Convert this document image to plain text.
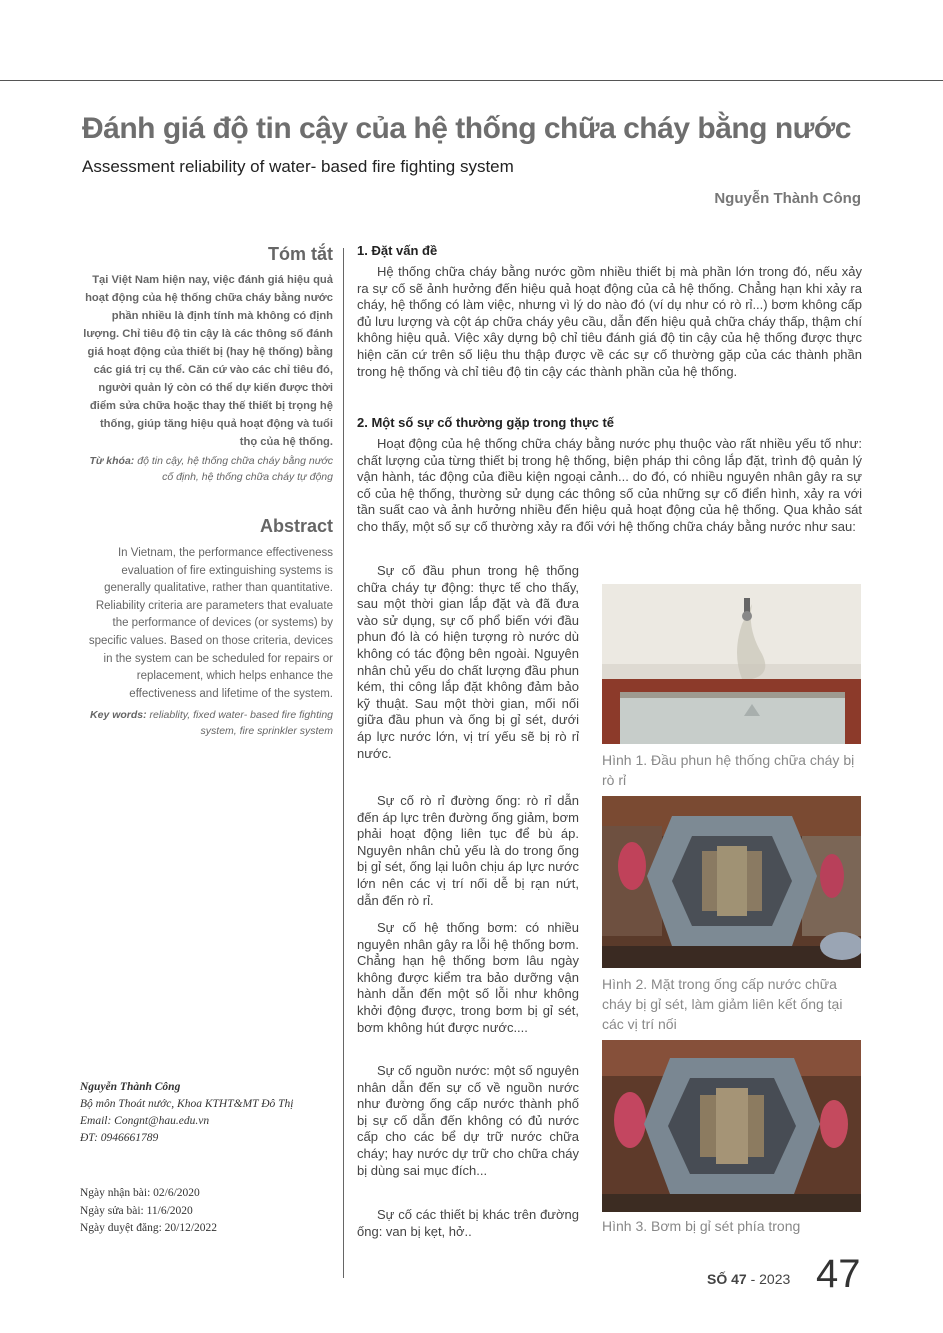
Đánh giá độ tin cậy của hệ thống chữa cháy bằng nước
Assessment reliability of water- based fire fighting system
Nguyễn Thành Công
Tóm tắt
Tại Việt Nam hiện nay, việc đánh giá hiệu quả hoạt động của hệ thống chữa cháy bằng nước phần nhiều là định tính mà không có định lượng. Chỉ tiêu độ tin cậy là các thông số đánh giá hoạt động của thiết bị (hay hệ thống) bằng các giá trị cụ thể. Căn cứ vào các chỉ tiêu đó, người quản lý còn có thể dự kiến được thời điểm sửa chữa hoặc thay thế thiết bị trọng hệ thống, giúp tăng hiệu quả hoạt động và tuổi thọ của hệ thống.
Từ khóa: độ tin cậy, hệ thống chữa cháy bằng nước cố định, hệ thống chữa cháy tự động
Abstract
In Vietnam, the performance effectiveness evaluation of fire extinguishing systems is generally qualitative, rather than quantitative. Reliability criteria are parameters that evaluate the performance of devices (or systems) by specific values. Based on those criteria, devices in the system can be scheduled for repairs or replacement, which helps enhance the effectiveness and lifetime of the system.
Key words: reliablity, fixed water- based fire fighting system, fire sprinkler system
Nguyễn Thành Công
Bộ môn Thoát nước, Khoa KTHT&MT Đô Thị
Email: Congnt@hau.edu.vn
ĐT: 0946661789
Ngày nhận bài: 02/6/2020
Ngày sửa bài: 11/6/2020
Ngày duyệt đăng: 20/12/2022
1. Đặt vấn đề
Hệ thống chữa cháy bằng nước gồm nhiều thiết bị mà phần lớn trong đó, nếu xảy ra sự cố sẽ ảnh hưởng đến hiệu quả hoạt động của cả hệ thống. Chẳng hạn khi xảy ra cháy, hệ thống có làm việc, nhưng vì lý do nào đó (ví dụ như có rò rỉ...) bơm không cấp đủ lưu lượng và cột áp chữa cháy yêu cầu, dẫn đến hiệu quả chữa cháy thấp, thậm chí không hiệu quả. Việc xây dựng bộ chỉ tiêu đánh giá độ tin cậy của hệ thống được thực hiện căn cứ trên số liệu thu thập được về các sự cố thường gặp của các thành phần trong hệ thống và chỉ tiêu độ tin cậy các thành phần của hệ thống.
2. Một số sự cố thường gặp trong thực tế
Hoạt động của hệ thống chữa cháy bằng nước phụ thuộc vào rất nhiều yếu tố như: chất lượng của từng thiết bị trong hệ thống, biện pháp thi công lắp đặt, trình độ quản lý vận hành, tác động của điều kiện ngoại cảnh... do đó, có nhiều nguyên nhân gây ra sự cố của hệ thống, thường sử dụng các thông số của những sự cố điển hình, xảy ra với tần suất cao và ảnh hưởng nhiều đến hiệu quả hoạt động của hệ thống. Qua khảo sát cho thấy, một số sự cố thường xảy ra đối với hệ thống chữa cháy bằng nước như sau:
Sự cố đầu phun trong hệ thống chữa cháy tự động: thực tế cho thấy, sau một thời gian lắp đặt và đã đưa vào sử dụng, sự cố phổ biến với đầu phun đó là có hiện tượng rò nước dù không có tác động bên ngoài. Nguyên nhân chủ yếu do chất lượng đầu phun kém, thi công lắp đặt không đảm bảo kỹ thuật. Sau một thời gian, mối nối giữa đầu phun và ống bị gỉ sét, dưới áp lực nước lớn, vị trí yếu sẽ bị rò rỉ nước.
Sự cố rò rỉ đường ống: rò rỉ dẫn đến áp lực trên đường ống giảm, bơm phải hoạt động liên tục để bù áp. Nguyên nhân chủ yếu là do trong ống bị gỉ sét, ống lại luôn chịu áp lực nước lớn nên các vị trí nối dễ bị rạn nứt, dẫn đến rò rỉ.
Sự cố hệ thống bơm: có nhiều nguyên nhân gây ra lỗi hệ thống bơm. Chẳng hạn hệ thống bơm lâu ngày không được kiểm tra bảo dưỡng vận hành dẫn đến một số lỗi như không khởi động được, trong bơm bị gỉ sét, bơm không hút được nước....
Sự cố nguồn nước: một số nguyên nhân dẫn đến sự cố về nguồn nước như đường ống cấp nước thành phố bị sự cố dẫn đến không có đủ nước cấp cho các bể dự trữ nước chữa cháy; hay nước dự trữ cho chữa cháy bị dùng sai mục đích...
Sự cố các thiết bị khác trên đường ống: van bị kẹt, hở..
Hình 1. Đầu phun hệ thống chữa cháy bị rò rỉ
Hình 2. Mặt trong ống cấp nước chữa cháy bị gỉ sét, làm giảm liên kết ống tại các vị trí nối
Hình 3. Bơm bị gỉ sét phía trong
SỐ 47 - 2023 47
